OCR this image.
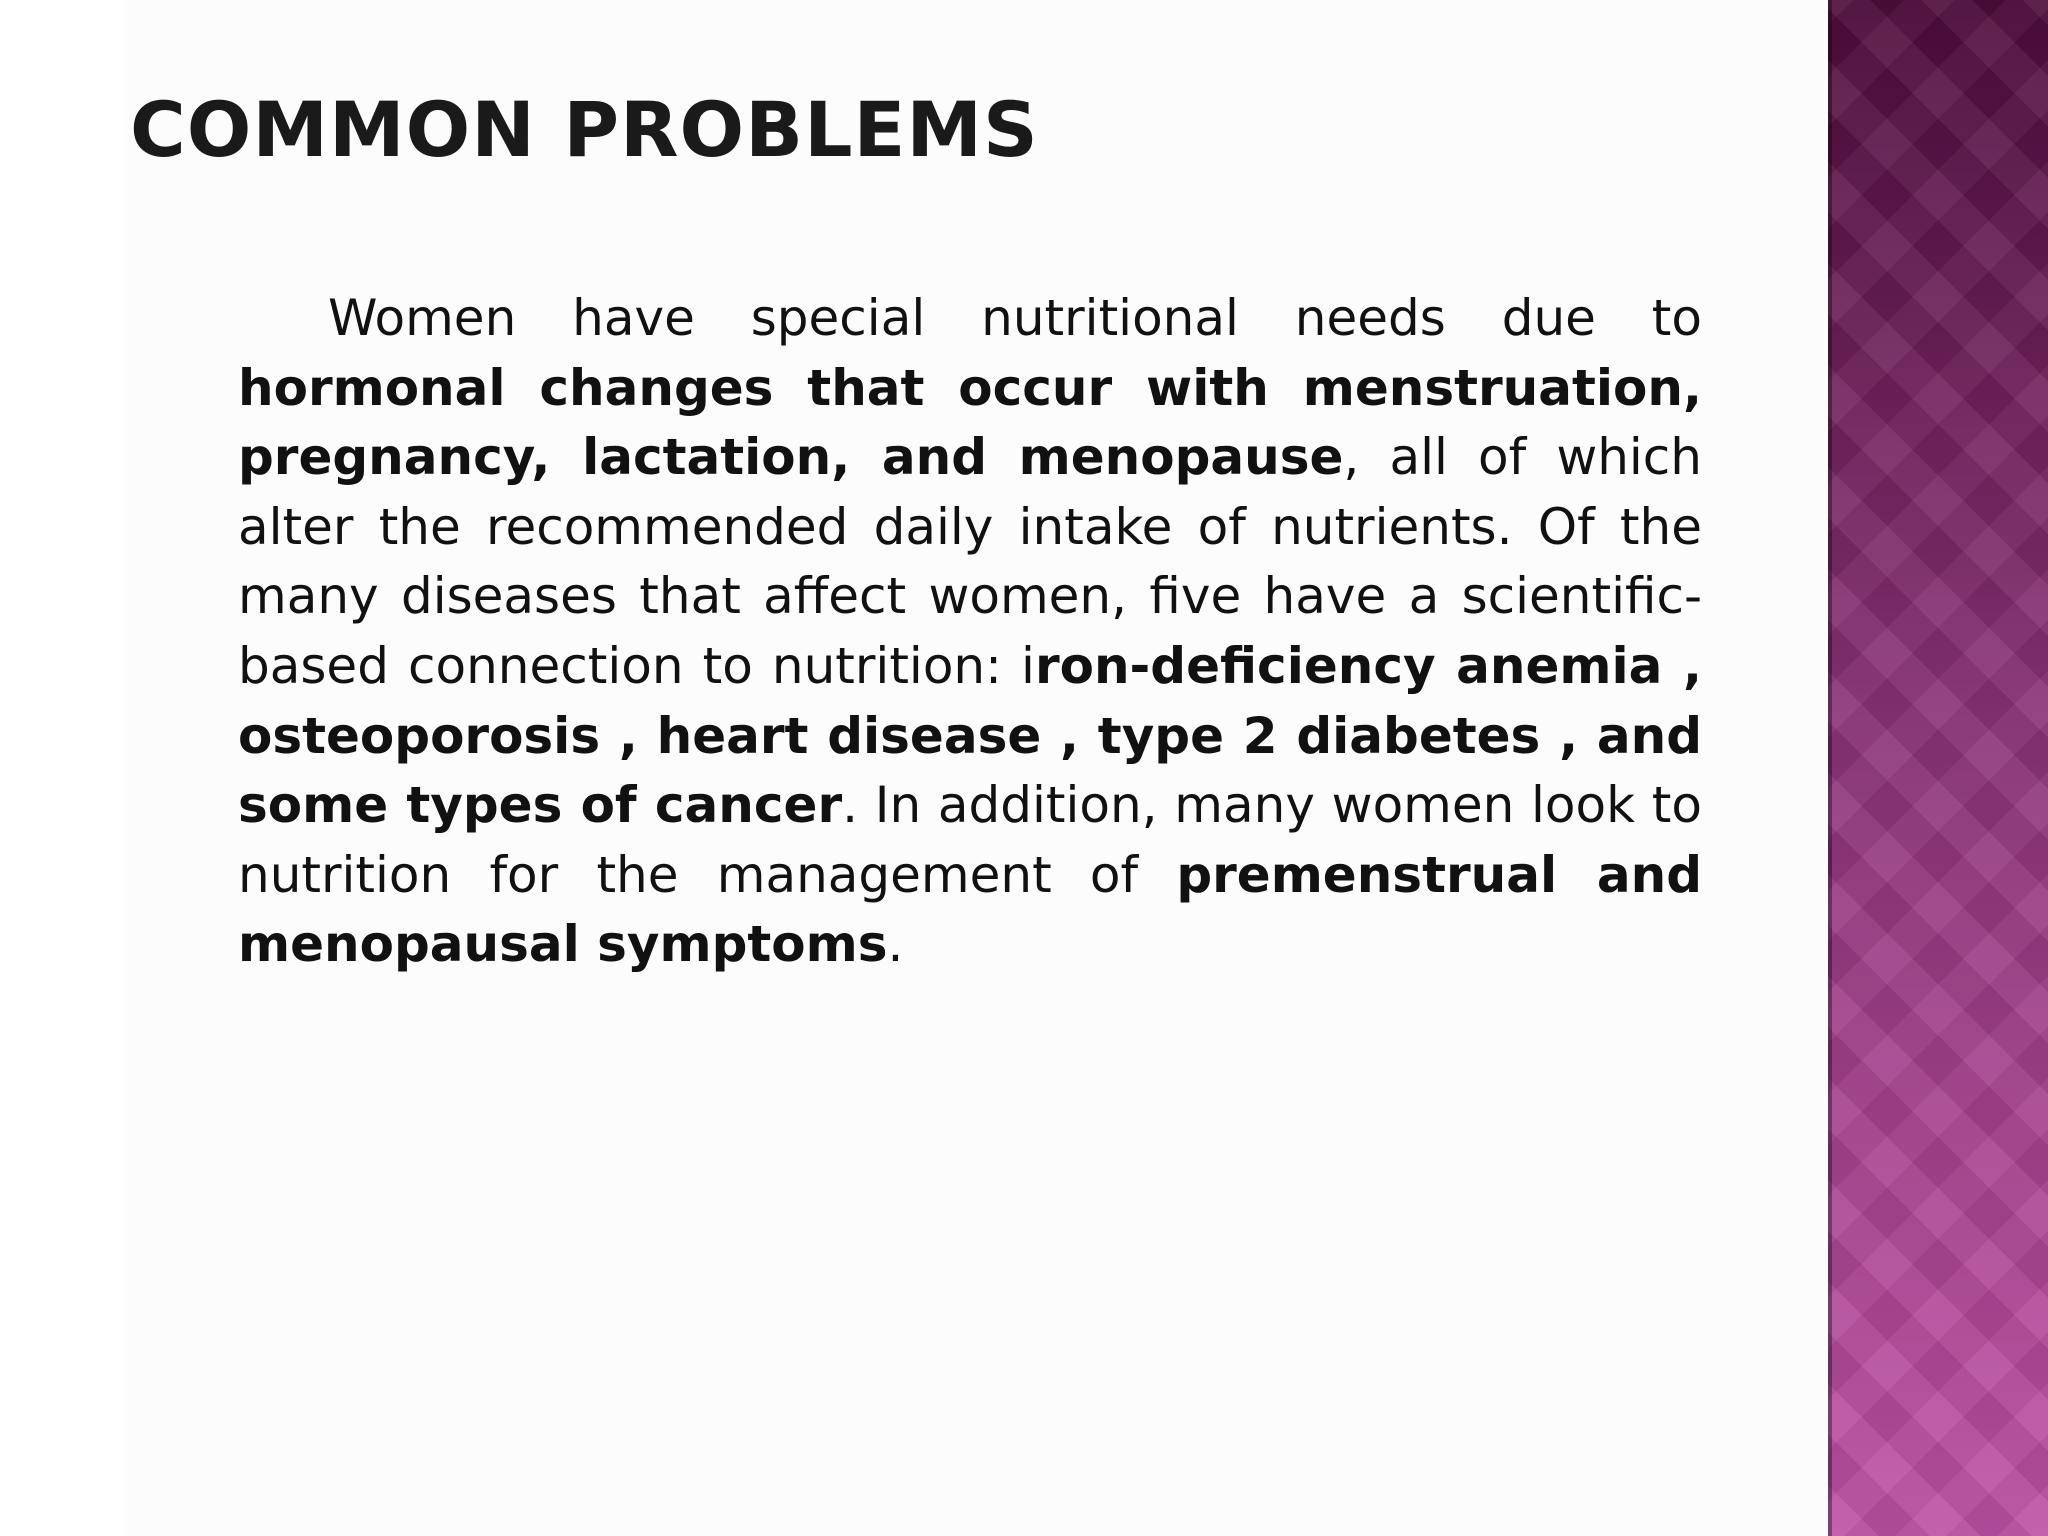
COMMON PROBLEMS

Women have special nutritional needs due to hormonal changes that occur with menstruation, pregnancy, lactation, and menopause, all of which alter the recommended daily intake of nutrients. Of the many diseases that affect women, five have a scientific-based connection to nutrition: iron-deficiency anemia , osteoporosis , heart disease , type 2 diabetes , and some types of cancer. In addition, many women look to nutrition for the management of premenstrual and menopausal symptoms.
